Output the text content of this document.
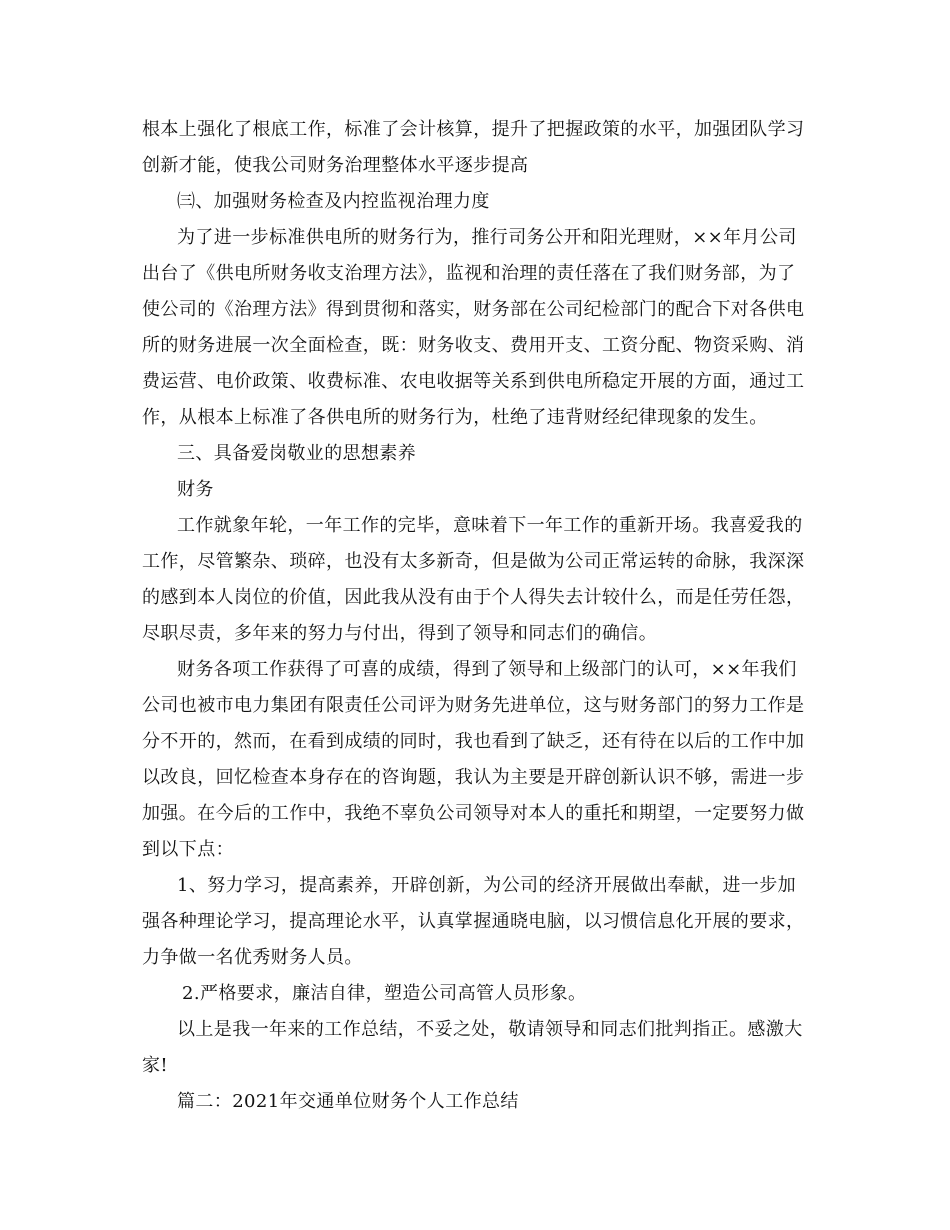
根本上强化了根底工作，标准了会计核算，提升了把握政策的水平，加强团队学习
创新才能，使我公司财务治理整体水平逐步提高
㈢、加强财务检查及内控监视治理力度
为了进一步标准供电所的财务行为，推行司务公开和阳光理财，××年月公司
出台了《供电所财务收支治理方法》，监视和治理的责任落在了我们财务部，为了
使公司的《治理方法》得到贯彻和落实，财务部在公司纪检部门的配合下对各供电
所的财务进展一次全面检查，既：财务收支、费用开支、工资分配、物资采购、消
费运营、电价政策、收费标准、农电收据等关系到供电所稳定开展的方面，通过工
作，从根本上标准了各供电所的财务行为，杜绝了违背财经纪律现象的发生。
三、具备爱岗敬业的思想素养
财务
工作就象年轮，一年工作的完毕，意味着下一年工作的重新开场。我喜爱我的
工作，尽管繁杂、琐碎，也没有太多新奇，但是做为公司正常运转的命脉，我深深
的感到本人岗位的价值，因此我从没有由于个人得失去计较什么，而是任劳任怨，
尽职尽责，多年来的努力与付出，得到了领导和同志们的确信。
财务各项工作获得了可喜的成绩，得到了领导和上级部门的认可，××年我们
公司也被市电力集团有限责任公司评为财务先进单位，这与财务部门的努力工作是
分不开的，然而，在看到成绩的同时，我也看到了缺乏，还有待在以后的工作中加
以改良，回忆检查本身存在的咨询题，我认为主要是开辟创新认识不够，需进一步
加强。在今后的工作中，我绝不辜负公司领导对本人的重托和期望，一定要努力做
到以下点：
1、努力学习，提高素养，开辟创新，为公司的经济开展做出奉献，进一步加
强各种理论学习，提高理论水平，认真掌握通晓电脑，以习惯信息化开展的要求，
力争做一名优秀财务人员。
2.严格要求，廉洁自律，塑造公司高管人员形象。
以上是我一年来的工作总结，不妥之处，敬请领导和同志们批判指正。感激大
家!
篇二：2021年交通单位财务个人工作总结
